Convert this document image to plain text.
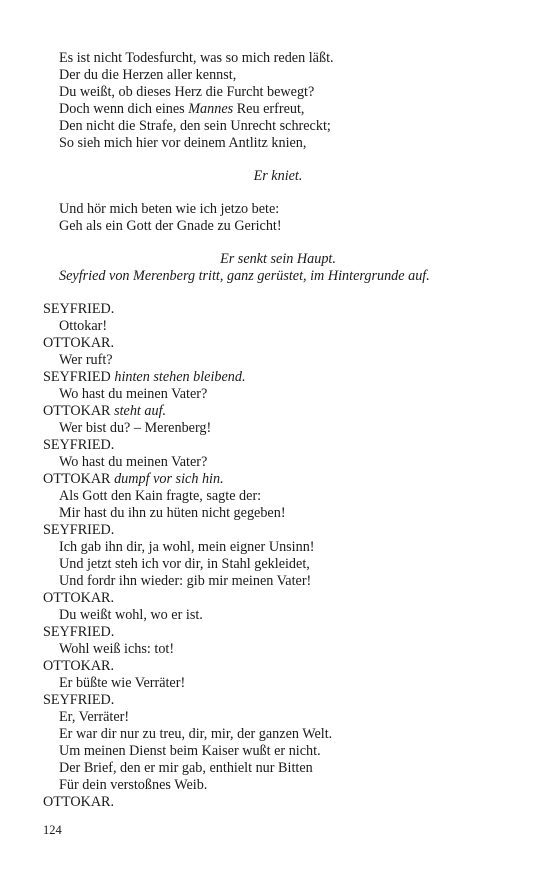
Es ist nicht Todesfurcht, was so mich reden läßt.
Der du die Herzen aller kennst,
Du weißt, ob dieses Herz die Furcht bewegt?
Doch wenn dich eines Mannes Reu erfreut,
Den nicht die Strafe, den sein Unrecht schreckt;
So sieh mich hier vor deinem Antlitz knien,
Er kniet.
Und hör mich beten wie ich jetzo bete:
Geh als ein Gott der Gnade zu Gericht!
Er senkt sein Haupt.
Seyfried von Merenberg tritt, ganz gerüstet, im Hintergrunde auf.
SEYFRIED.
Ottokar!
OTTOKAR.
Wer ruft?
SEYFRIED hinten stehen bleibend.
Wo hast du meinen Vater?
OTTOKAR steht auf.
Wer bist du? – Merenberg!
SEYFRIED.
Wo hast du meinen Vater?
OTTOKAR dumpf vor sich hin.
Als Gott den Kain fragte, sagte der:
Mir hast du ihn zu hüten nicht gegeben!
SEYFRIED.
Ich gab ihn dir, ja wohl, mein eigner Unsinn!
Und jetzt steh ich vor dir, in Stahl gekleidet,
Und fordr ihn wieder: gib mir meinen Vater!
OTTOKAR.
Du weißt wohl, wo er ist.
SEYFRIED.
Wohl weiß ichs: tot!
OTTOKAR.
Er büßte wie Verräter!
SEYFRIED.
Er, Verräter!
Er war dir nur zu treu, dir, mir, der ganzen Welt.
Um meinen Dienst beim Kaiser wußt er nicht.
Der Brief, den er mir gab, enthielt nur Bitten
Für dein verstoßnes Weib.
OTTOKAR.
124
